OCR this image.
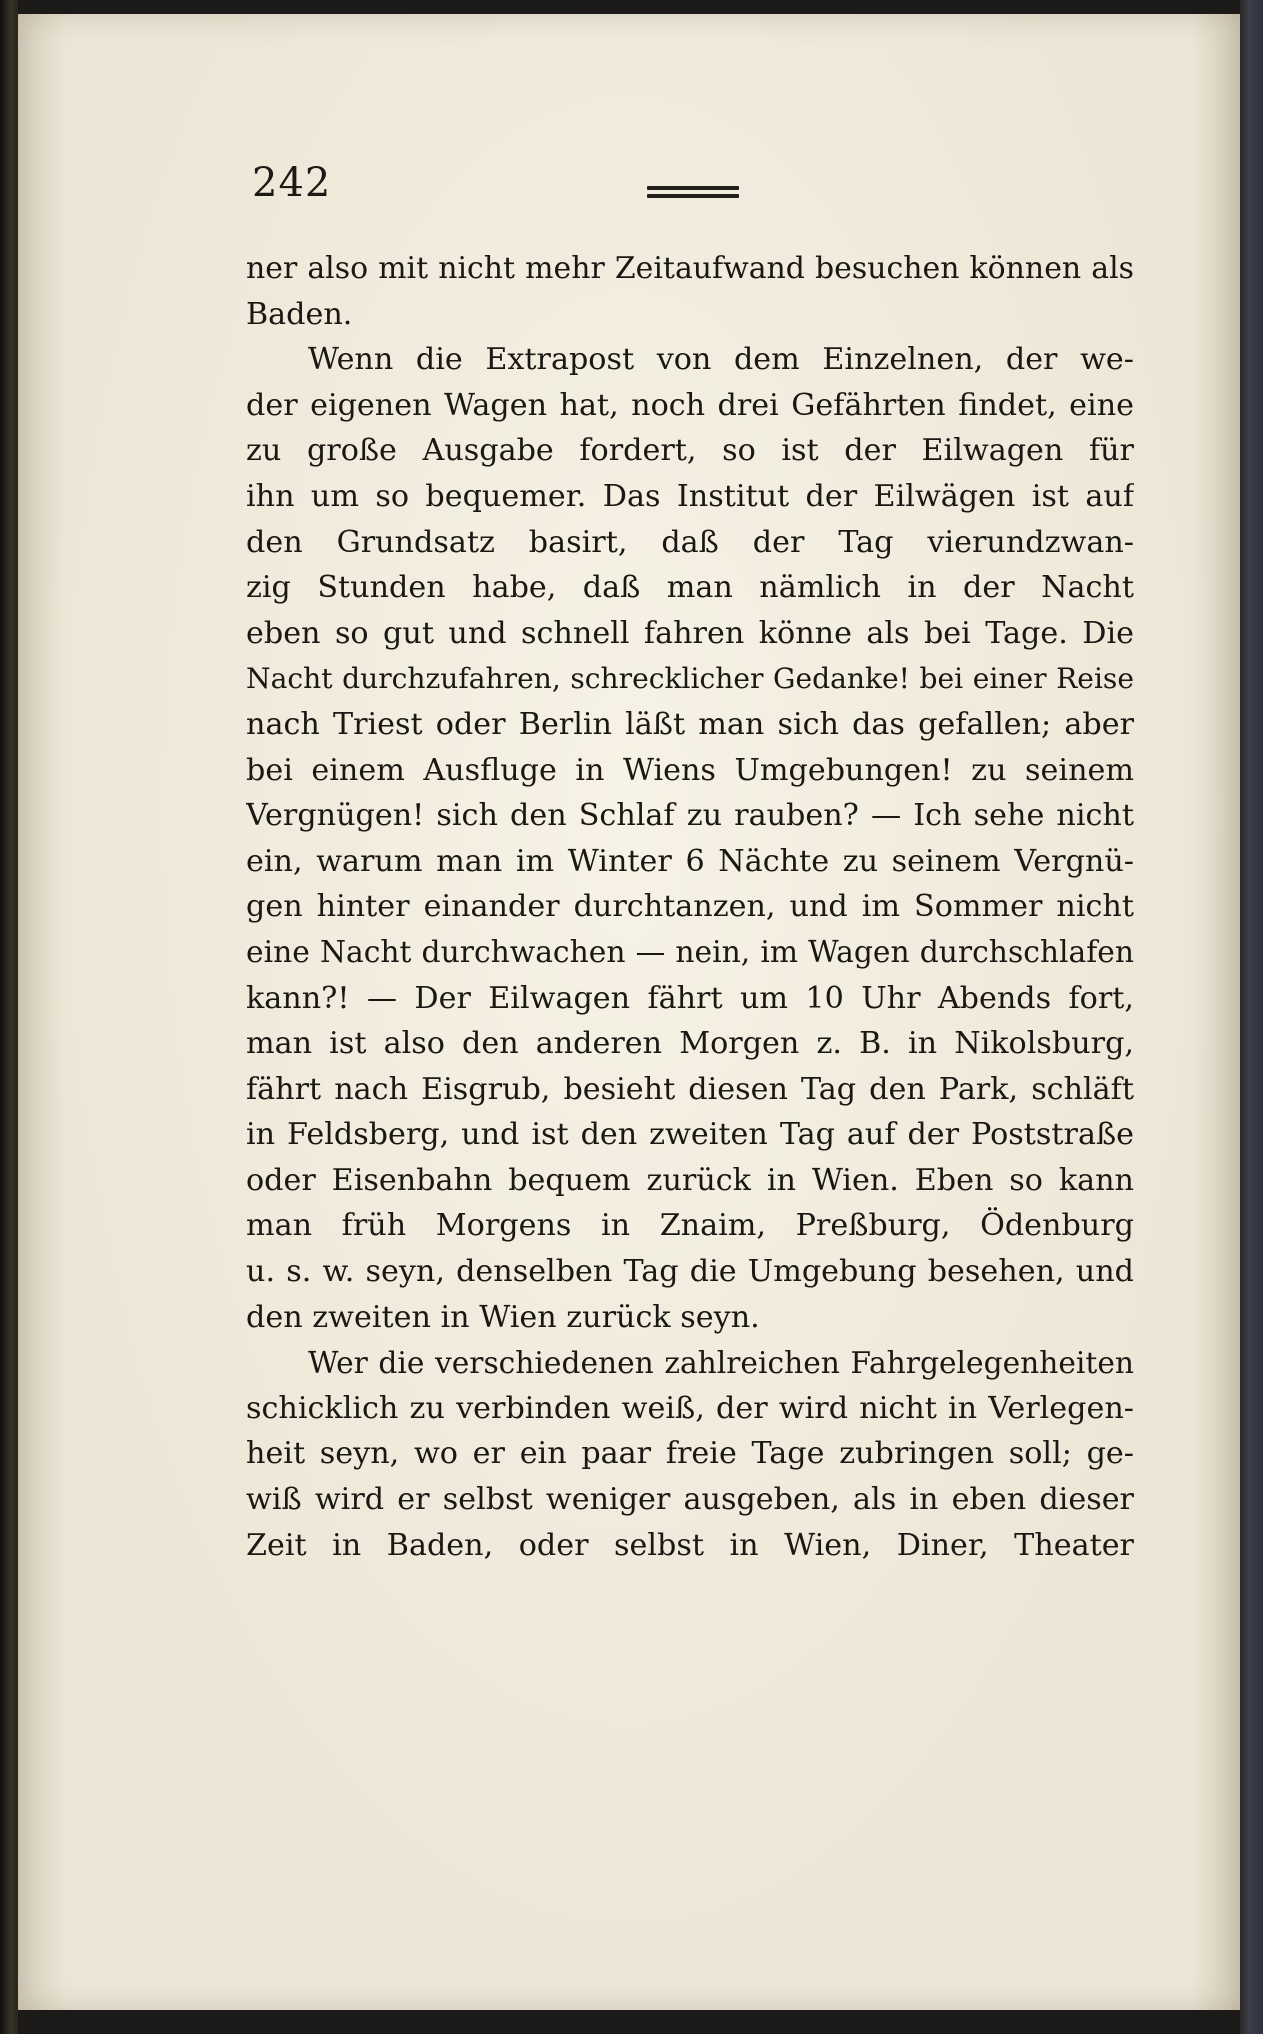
242
ner also mit nicht mehr Zeitaufwand besuchen können als
Baden.
Wenn die Extrapost von dem Einzelnen, der we-
der eigenen Wagen hat, noch drei Gefährten findet, eine
zu große Ausgabe fordert, so ist der Eilwagen für
ihn um so bequemer. Das Institut der Eilwägen ist auf
den Grundsatz basirt, daß der Tag vierundzwan-
zig Stunden habe, daß man nämlich in der Nacht
eben so gut und schnell fahren könne als bei Tage. Die
Nacht durchzufahren, schrecklicher Gedanke! bei einer Reise
nach Triest oder Berlin läßt man sich das gefallen; aber
bei einem Ausfluge in Wiens Umgebungen! zu seinem
Vergnügen! sich den Schlaf zu rauben? — Ich sehe nicht
ein, warum man im Winter 6 Nächte zu seinem Vergnü-
gen hinter einander durchtanzen, und im Sommer nicht
eine Nacht durchwachen — nein, im Wagen durchschlafen
kann?! — Der Eilwagen fährt um 10 Uhr Abends fort,
man ist also den anderen Morgen z. B. in Nikolsburg,
fährt nach Eisgrub, besieht diesen Tag den Park, schläft
in Feldsberg, und ist den zweiten Tag auf der Poststraße
oder Eisenbahn bequem zurück in Wien. Eben so kann
man früh Morgens in Znaim, Preßburg, Ödenburg
u. s. w. seyn, denselben Tag die Umgebung besehen, und
den zweiten in Wien zurück seyn.
Wer die verschiedenen zahlreichen Fahrgelegenheiten
schicklich zu verbinden weiß, der wird nicht in Verlegen-
heit seyn, wo er ein paar freie Tage zubringen soll; ge-
wiß wird er selbst weniger ausgeben, als in eben dieser
Zeit in Baden, oder selbst in Wien, Diner, Theater
